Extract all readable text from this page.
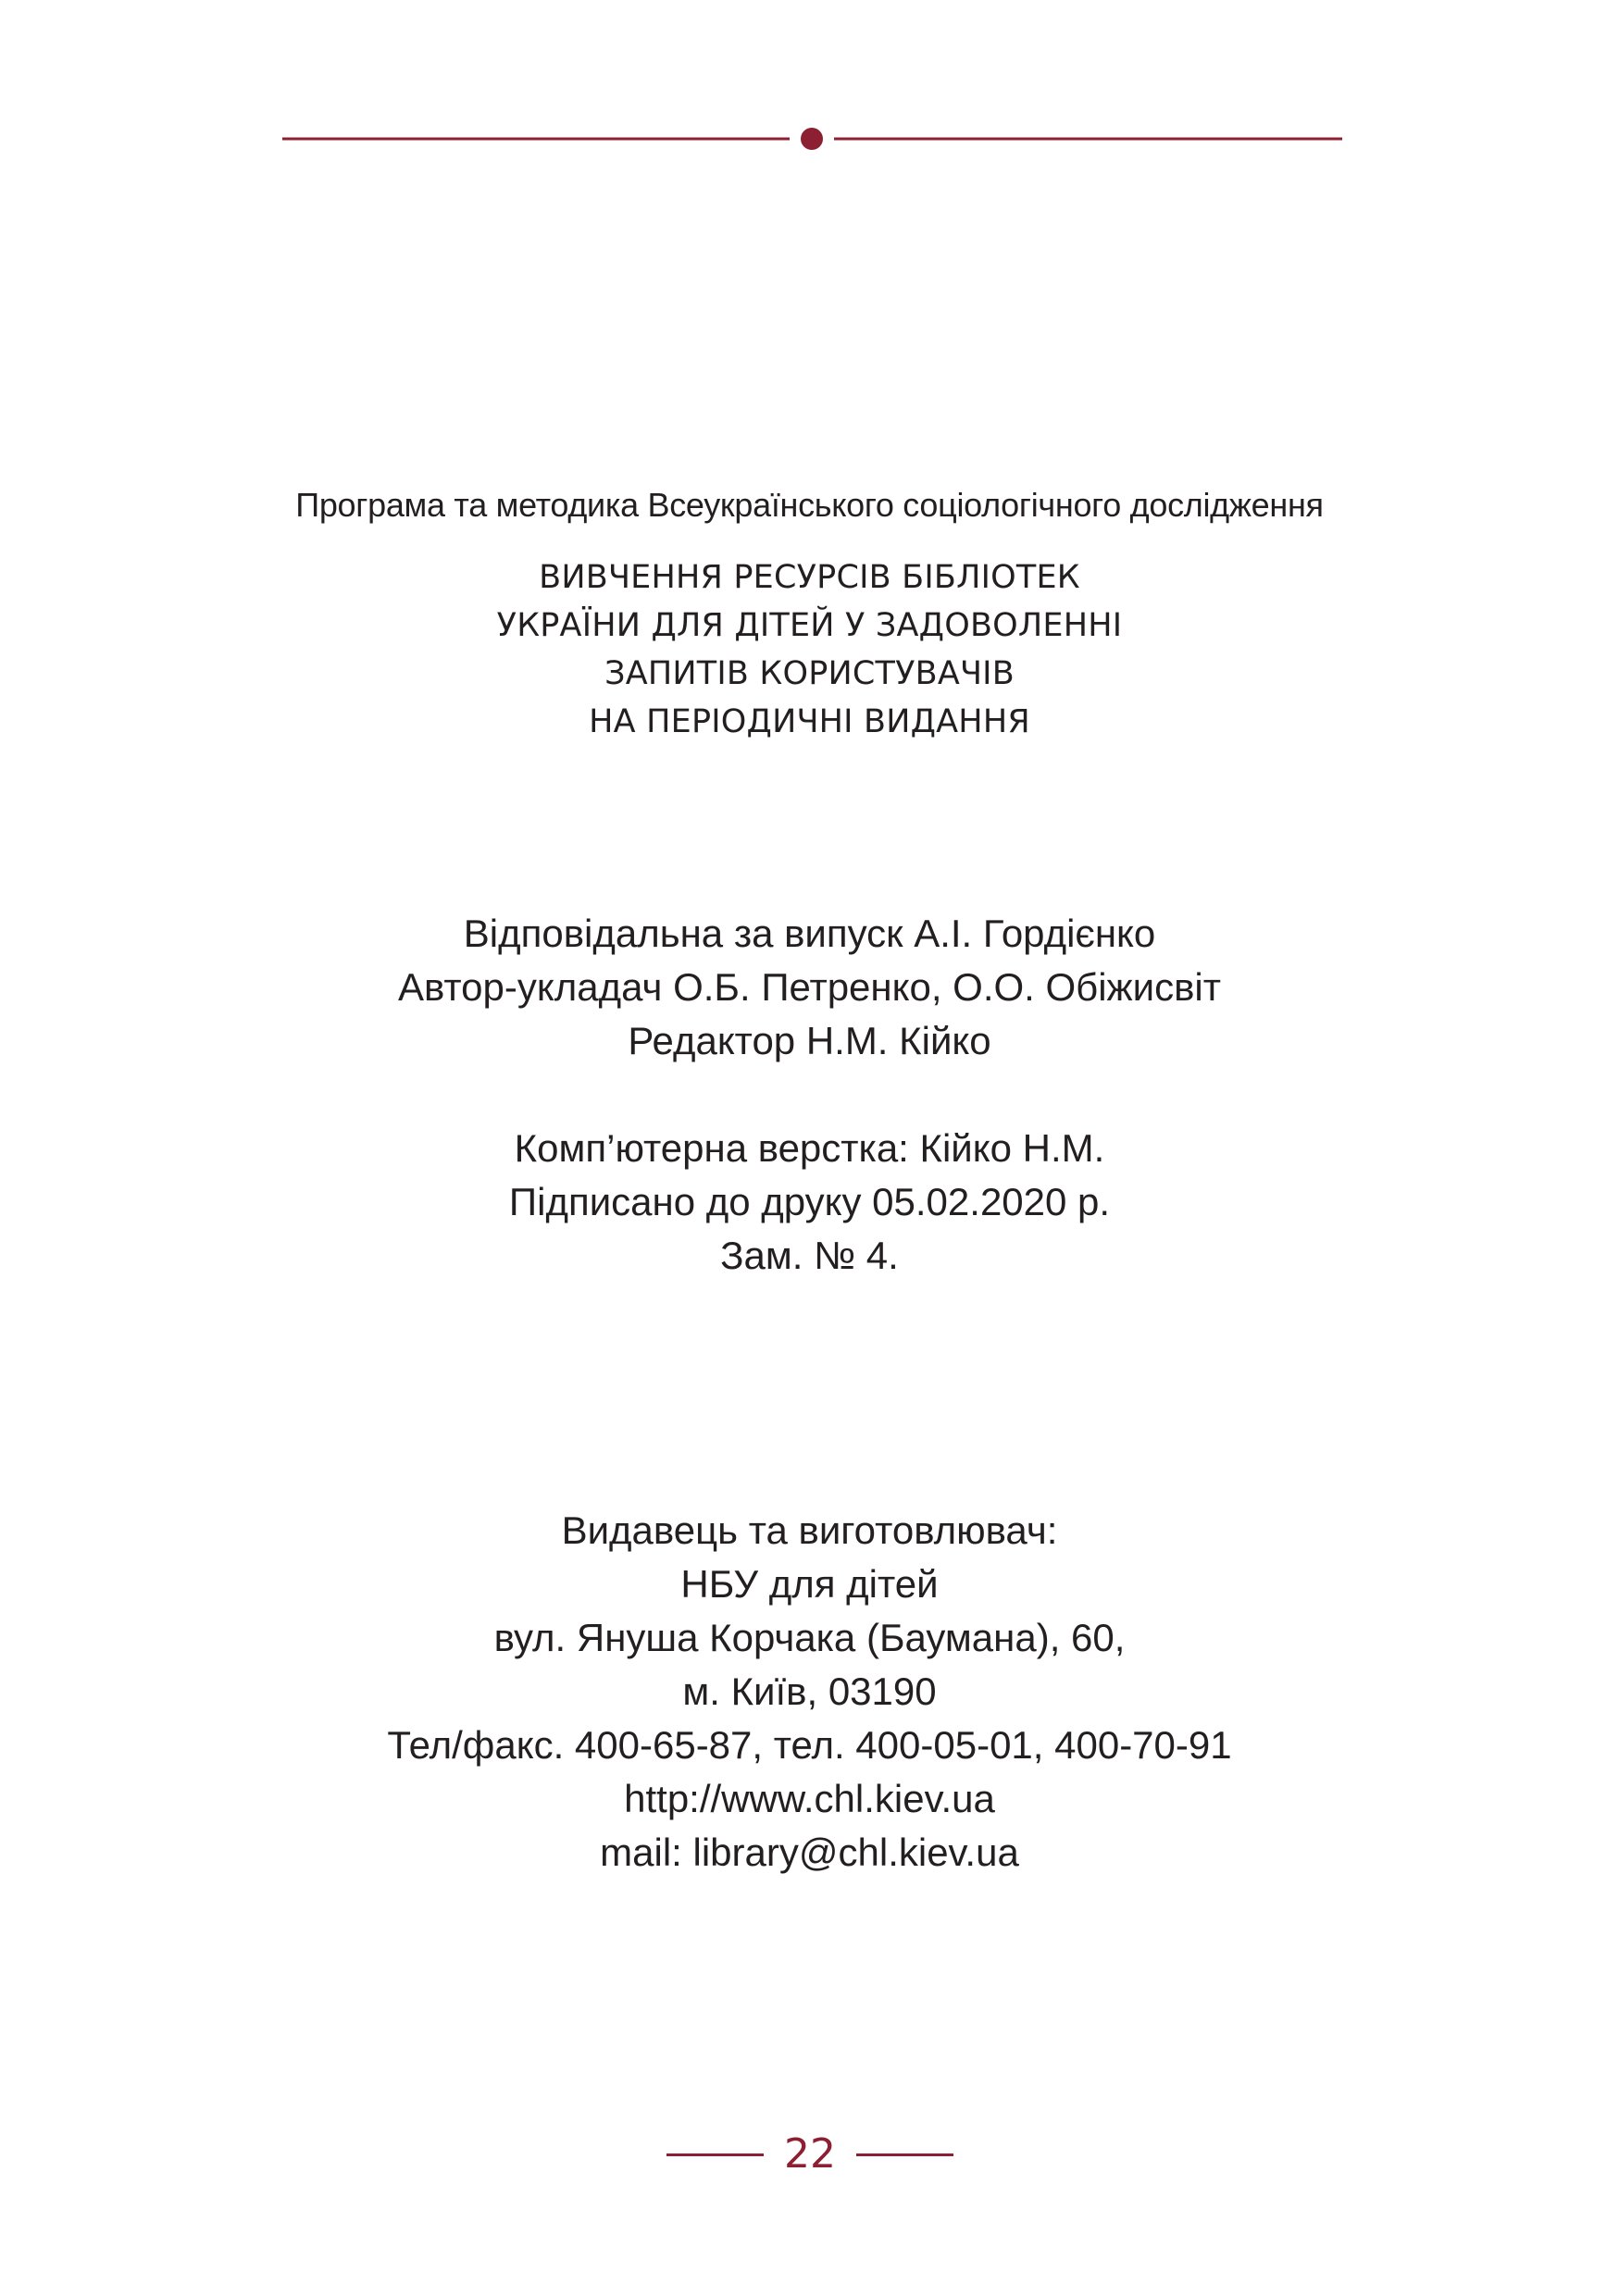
Програма та методика Всеукраїнського соціологічного дослідження
ВИВЧЕННЯ РЕСУРСІВ БІБЛІОТЕК
УКРАЇНИ ДЛЯ ДІТЕЙ У ЗАДОВОЛЕННІ
ЗАПИТІВ КОРИСТУВАЧІВ
НА ПЕРІОДИЧНІ ВИДАННЯ
Відповідальна за випуск А.І. Гордієнко
Автор-укладач О.Б. Петренко, О.О. Обіжисвіт
Редактор Н.М. Кійко
Комп’ютерна верстка: Кійко Н.М.
Підписано до друку 05.02.2020 р.
Зам. № 4.
Видавець та виготовлювач:
НБУ для дітей
вул. Януша Корчака (Баумана), 60,
м. Київ, 03190
Тел/факс. 400-65-87, тел. 400-05-01, 400-70-91
http://www.chl.kiev.ua
mail: library@chl.kiev.ua
22
